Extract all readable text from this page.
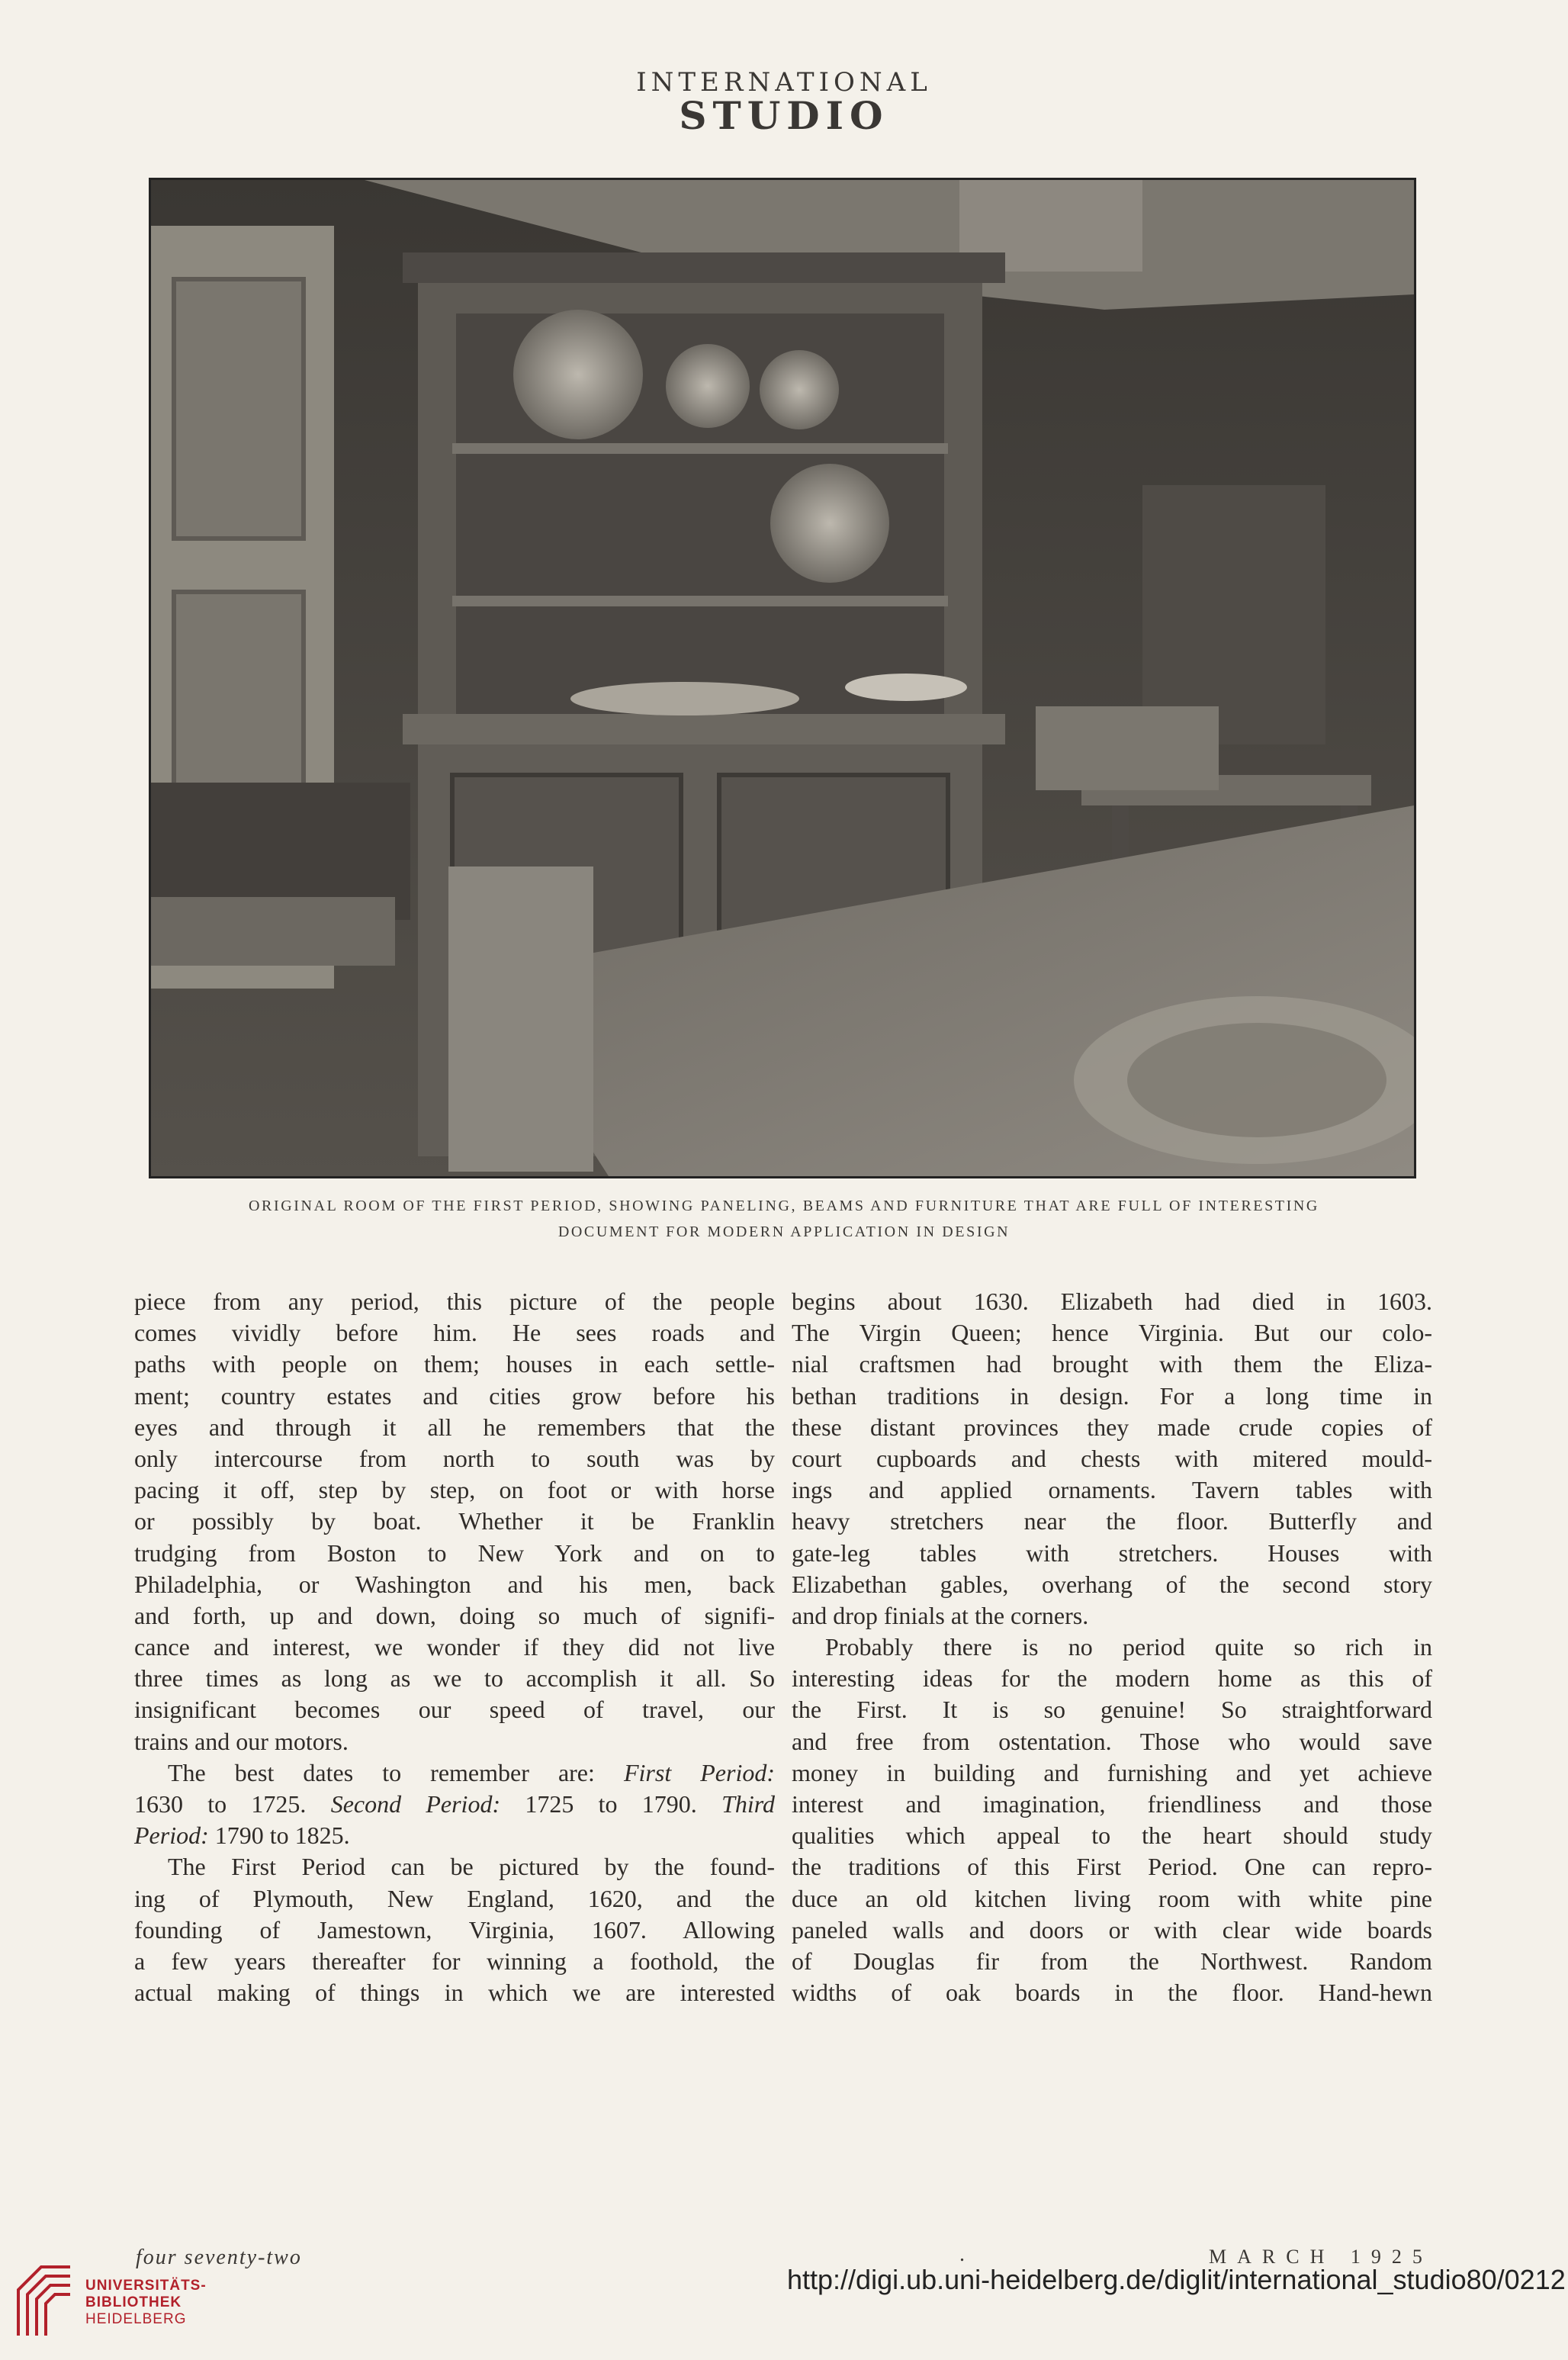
INTERNATIONAL
STUDIO
ORIGINAL ROOM OF THE FIRST PERIOD, SHOWING PANELING, BEAMS AND FURNITURE THAT ARE FULL OF INTERESTING
DOCUMENT FOR MODERN APPLICATION IN DESIGN
piece from any period, this picture of the people
comes vividly before him. He sees roads and
paths with people on them; houses in each settle-
ment; country estates and cities grow before his
eyes and through it all he remembers that the
only intercourse from north to south was by
pacing it off, step by step, on foot or with horse
or possibly by boat. Whether it be Franklin
trudging from Boston to New York and on to
Philadelphia, or Washington and his men, back
and forth, up and down, doing so much of signifi-
cance and interest, we wonder if they did not live
three times as long as we to accomplish it all. So
insignificant becomes our speed of travel, our
trains and our motors.
The best dates to remember are: First Period:
1630 to 1725. Second Period: 1725 to 1790. Third
Period: 1790 to 1825.
The First Period can be pictured by the found-
ing of Plymouth, New England, 1620, and the
founding of Jamestown, Virginia, 1607. Allowing
a few years thereafter for winning a foothold, the
actual making of things in which we are interested
begins about 1630. Elizabeth had died in 1603.
The Virgin Queen; hence Virginia. But our colo-
nial craftsmen had brought with them the Eliza-
bethan traditions in design. For a long time in
these distant provinces they made crude copies of
court cupboards and chests with mitered mould-
ings and applied ornaments. Tavern tables with
heavy stretchers near the floor. Butterfly and
gate-leg tables with stretchers. Houses with
Elizabethan gables, overhang of the second story
and drop finials at the corners.
Probably there is no period quite so rich in
interesting ideas for the modern home as this of
the First. It is so genuine! So straightforward
and free from ostentation. Those who would save
money in building and furnishing and yet achieve
interest and imagination, friendliness and those
qualities which appeal to the heart should study
the traditions of this First Period. One can repro-
duce an old kitchen living room with white pine
paneled walls and doors or with clear wide boards
of Douglas fir from the Northwest. Random
widths of oak boards in the floor. Hand-hewn
four seventy-two	.	MARCH 1925
UNIVERSITÄTS-
BIBLIOTHEK
HEIDELBERG
http://digi.ub.uni-heidelberg.de/diglit/international_studio80/0212
